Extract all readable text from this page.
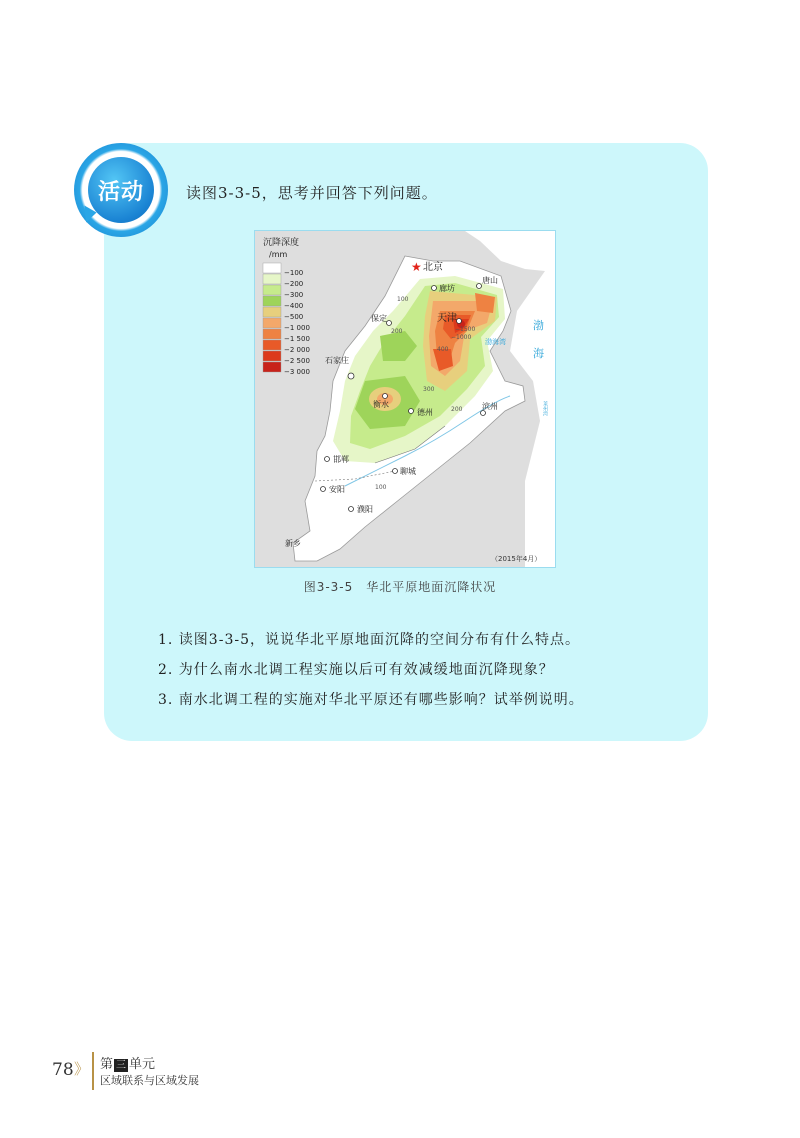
活动	读图3-3-5，思考并回答下列问题。
沉降深度
/mm
−100
−200
−300
−400
−500
−1 000
−1 500
−2 000
−2 500
−3 000
★ 北京
廊坊
唐山
保定	天津
石家庄
衡水
德州
滨州
邯郸
聊城
安阳
濮阳
新乡
100
200
400
300
200
100
−1500
−1000
渤
海
渤海湾
莱州湾
（2015年4月）
图3-3-5　华北平原地面沉降状况
1. 读图3-3-5，说说华北平原地面沉降的空间分布有什么特点。
2. 为什么南水北调工程实施以后可有效减缓地面沉降现象？
3. 南水北调工程的实施对华北平原还有哪些影响？试举例说明。
78 》 第 三 单元
区域联系与区域发展
